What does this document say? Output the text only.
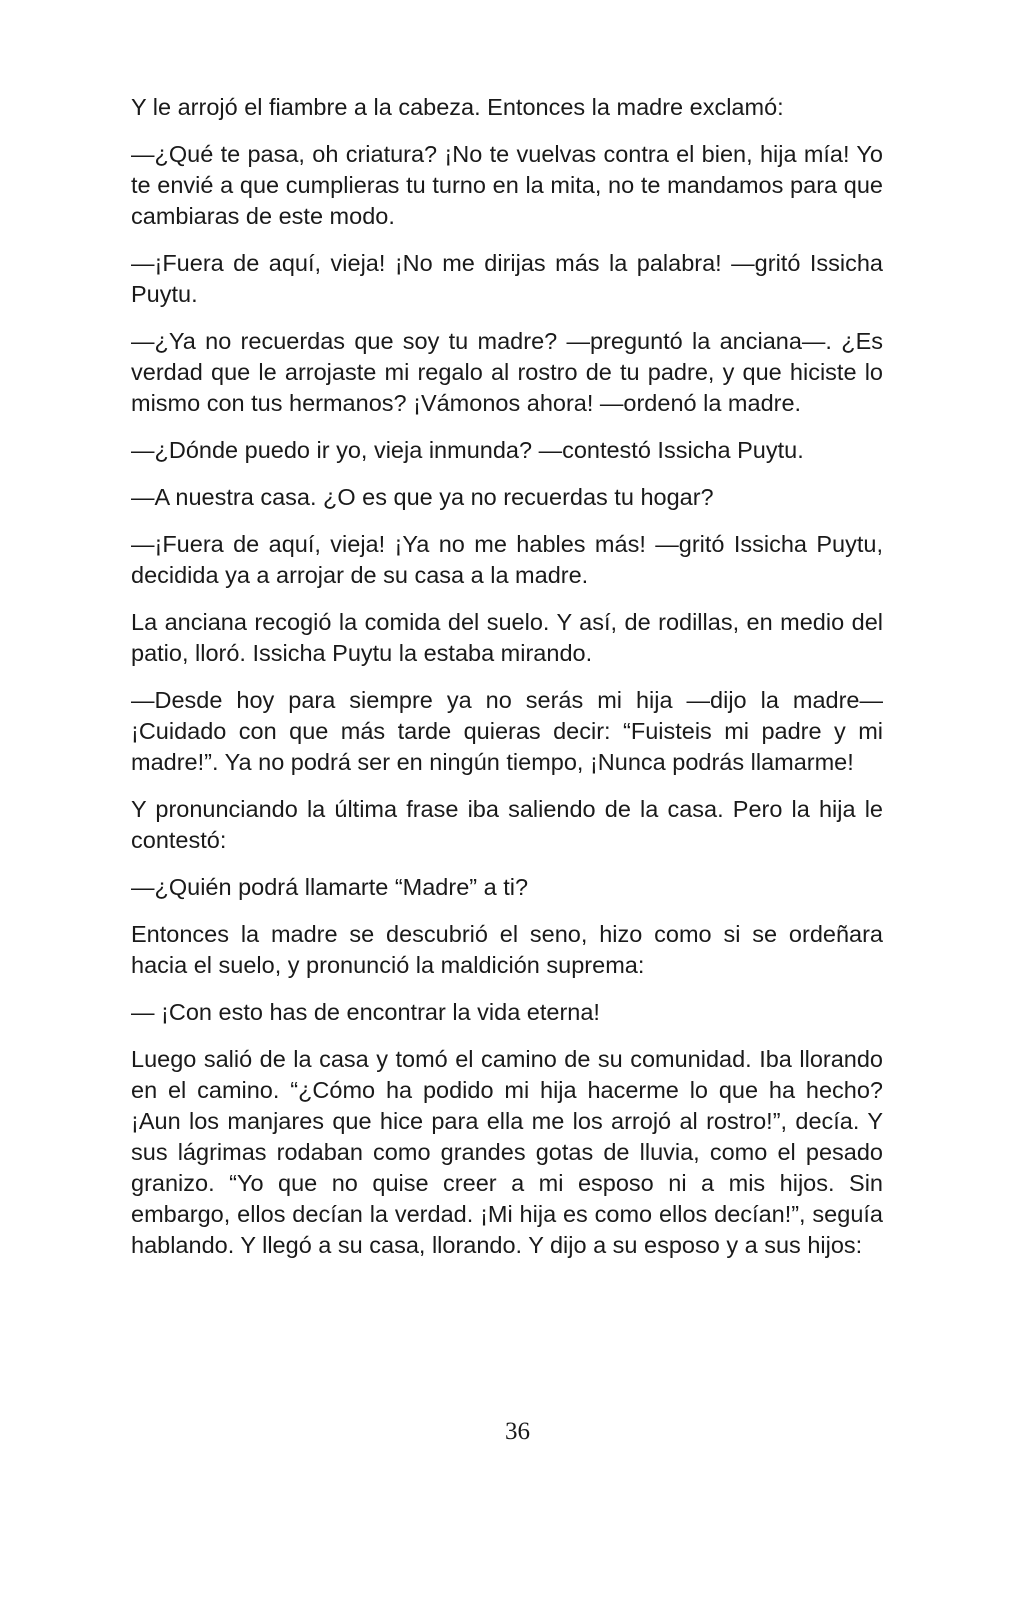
Y le arrojó el fiambre a la cabeza. Entonces la madre exclamó:

—¿Qué te pasa, oh criatura? ¡No te vuelvas contra el bien, hija mía! Yo te envié a que cumplieras tu turno en la mita, no te mandamos para que cambiaras de este modo.

—¡Fuera de aquí, vieja! ¡No me dirijas más la palabra! —gritó Issicha Puytu.

—¿Ya no recuerdas que soy tu madre? —preguntó la anciana—. ¿Es verdad que le arrojaste mi regalo al rostro de tu padre, y que hiciste lo mismo con tus hermanos? ¡Vámonos ahora! —ordenó la madre.

—¿Dónde puedo ir yo, vieja inmunda? —contestó Issicha Puytu.

—A nuestra casa. ¿O es que ya no recuerdas tu hogar?

—¡Fuera de aquí, vieja! ¡Ya no me hables más! —gritó Issicha Puytu, decidida ya a arrojar de su casa a la madre.

La anciana recogió la comida del suelo. Y así, de rodillas, en medio del patio, lloró. Issicha Puytu la estaba mirando.

—Desde hoy para siempre ya no serás mi hija —dijo la madre— ¡Cuidado con que más tarde quieras decir: “Fuisteis mi padre y mi madre!”. Ya no podrá ser en ningún tiempo, ¡Nunca podrás llamarme!

Y pronunciando la última frase iba saliendo de la casa. Pero la hija le contestó:

—¿Quién podrá llamarte “Madre” a ti?

Entonces la madre se descubrió el seno, hizo como si se ordeñara hacia el suelo, y pronunció la maldición suprema:

— ¡Con esto has de encontrar la vida eterna!

Luego salió de la casa y tomó el camino de su comunidad. Iba llorando en el camino. “¿Cómo ha podido mi hija hacerme lo que ha hecho? ¡Aun los manjares que hice para ella me los arrojó al rostro!”, decía. Y sus lágrimas rodaban como grandes gotas de lluvia, como el pesado granizo. “Yo que no quise creer a mi esposo ni a mis hijos. Sin embargo, ellos decían la verdad. ¡Mi hija es como ellos decían!”, seguía hablando. Y llegó a su casa, llorando. Y dijo a su esposo y a sus hijos:

36
